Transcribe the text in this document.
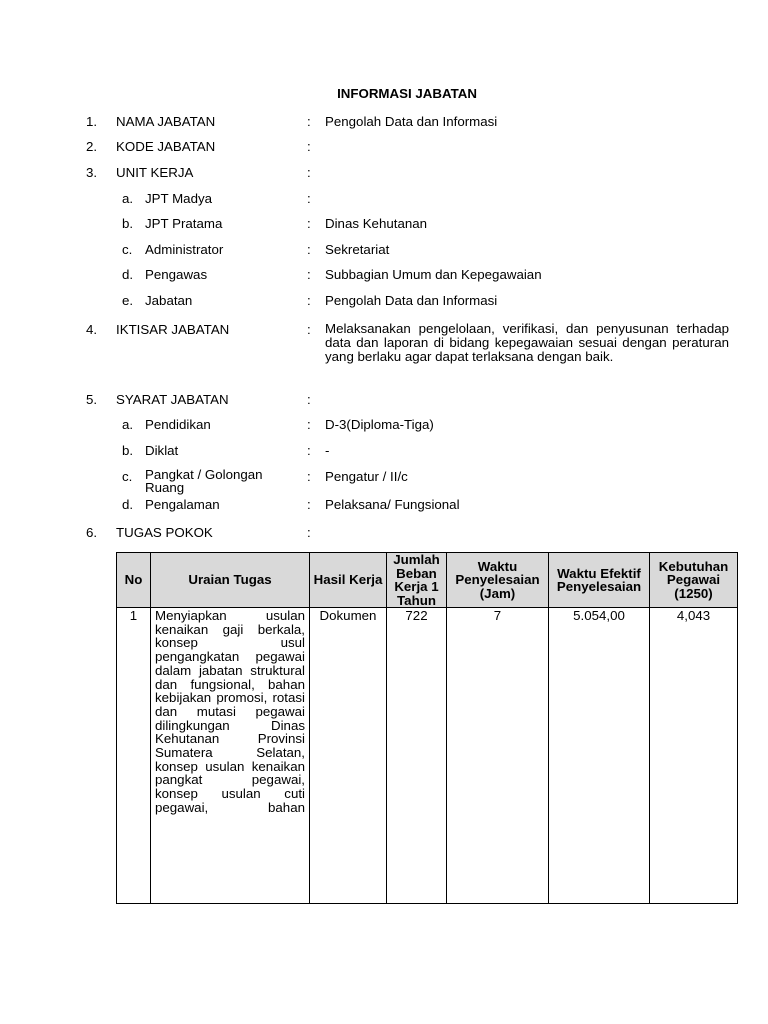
INFORMASI JABATAN
1. NAMA JABATAN	: Pengolah Data dan Informasi
2. KODE JABATAN	:
3. UNIT KERJA	:
a. JPT Madya	:
b. JPT Pratama	: Dinas Kehutanan
c. Administrator	: Sekretariat
d. Pengawas	: Subbagian Umum dan Kepegawaian
e. Jabatan	: Pengolah Data dan Informasi
4. IKTISAR JABATAN	: Melaksanakan pengelolaan, verifikasi, dan penyusunan terhadap data dan laporan di bidang kepegawaian sesuai dengan peraturan yang berlaku agar dapat terlaksana dengan baik.
5. SYARAT JABATAN	:
a. Pendidikan	: D-3(Diploma-Tiga)
b. Diklat	: -
c. Pangkat / Golongan Ruang
: Pengatur / II/c
d. Pengalaman	: Pelaksana/ Fungsional
6. TUGAS POKOK	:
No	Uraian Tugas	Hasil Kerja	Jumlah Beban Kerja 1 Tahun	Waktu Penyelesaian (Jam)	Waktu Efektif Penyelesaian	Kebutuhan Pegawai (1250)
1	Menyiapkan usulan kenaikan gaji berkala, konsep usul pengangkatan pegawai dalam jabatan struktural dan fungsional, bahan kebijakan promosi, rotasi dan mutasi pegawai dilingkungan Dinas Kehutanan Provinsi Sumatera Selatan, konsep usulan kenaikan pangkat pegawai, konsep usulan cuti pegawai, bahan	Dokumen	722	7	5.054,00	4,043
